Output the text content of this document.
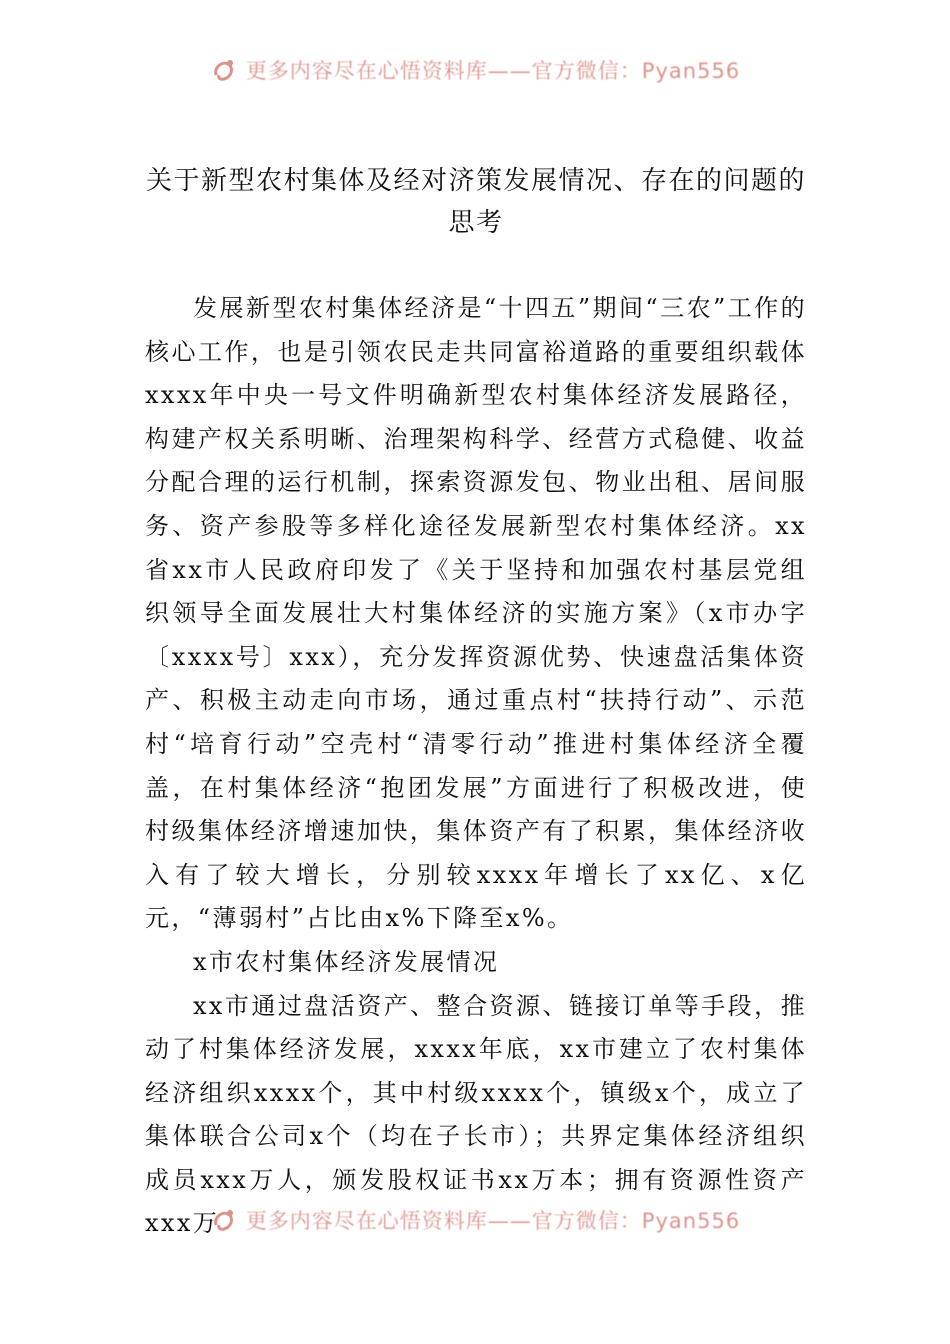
更多内容尽在心悟资料库——官方微信：Pyan556
关于新型农村集体及经对济策发展情况、存在的问题的思考

发展新型农村集体经济是“十四五”期间“三农”工作的核心工作，也是引领农民走共同富裕道路的重要组织载体xxxx年中央一号文件明确新型农村集体经济发展路径，构建产权关系明晰、治理架构科学、经营方式稳健、收益分配合理的运行机制，探索资源发包、物业出租、居间服务、资产参股等多样化途径发展新型农村集体经济。xx省xx市人民政府印发了《关于坚持和加强农村基层党组织领导全面发展壮大村集体经济的实施方案》（x市办字〔xxxx号〕xxx），充分发挥资源优势、快速盘活集体资产、积极主动走向市场，通过重点村“扶持行动”、示范村“培育行动”空壳村“清零行动”推进村集体经济全覆盖，在村集体经济“抱团发展”方面进行了积极改进，使村级集体经济增速加快，集体资产有了积累，集体经济收入有了较大增长，分别较xxxx年增长了xx亿、x亿元，“薄弱村”占比由x%下降至x%。

x市农村集体经济发展情况

xx市通过盘活资产、整合资源、链接订单等手段，推动了村集体经济发展，xxxx年底，xx市建立了农村集体经济组织xxxx个，其中村级xxxx个，镇级x个，成立了集体联合公司x个（均在子长市）；共界定集体经济组织成员xxx万人，颁发股权证书xx万本；拥有资源性资产xxx万	更多内容尽在心悟资料库——官方微信：Pyan556
